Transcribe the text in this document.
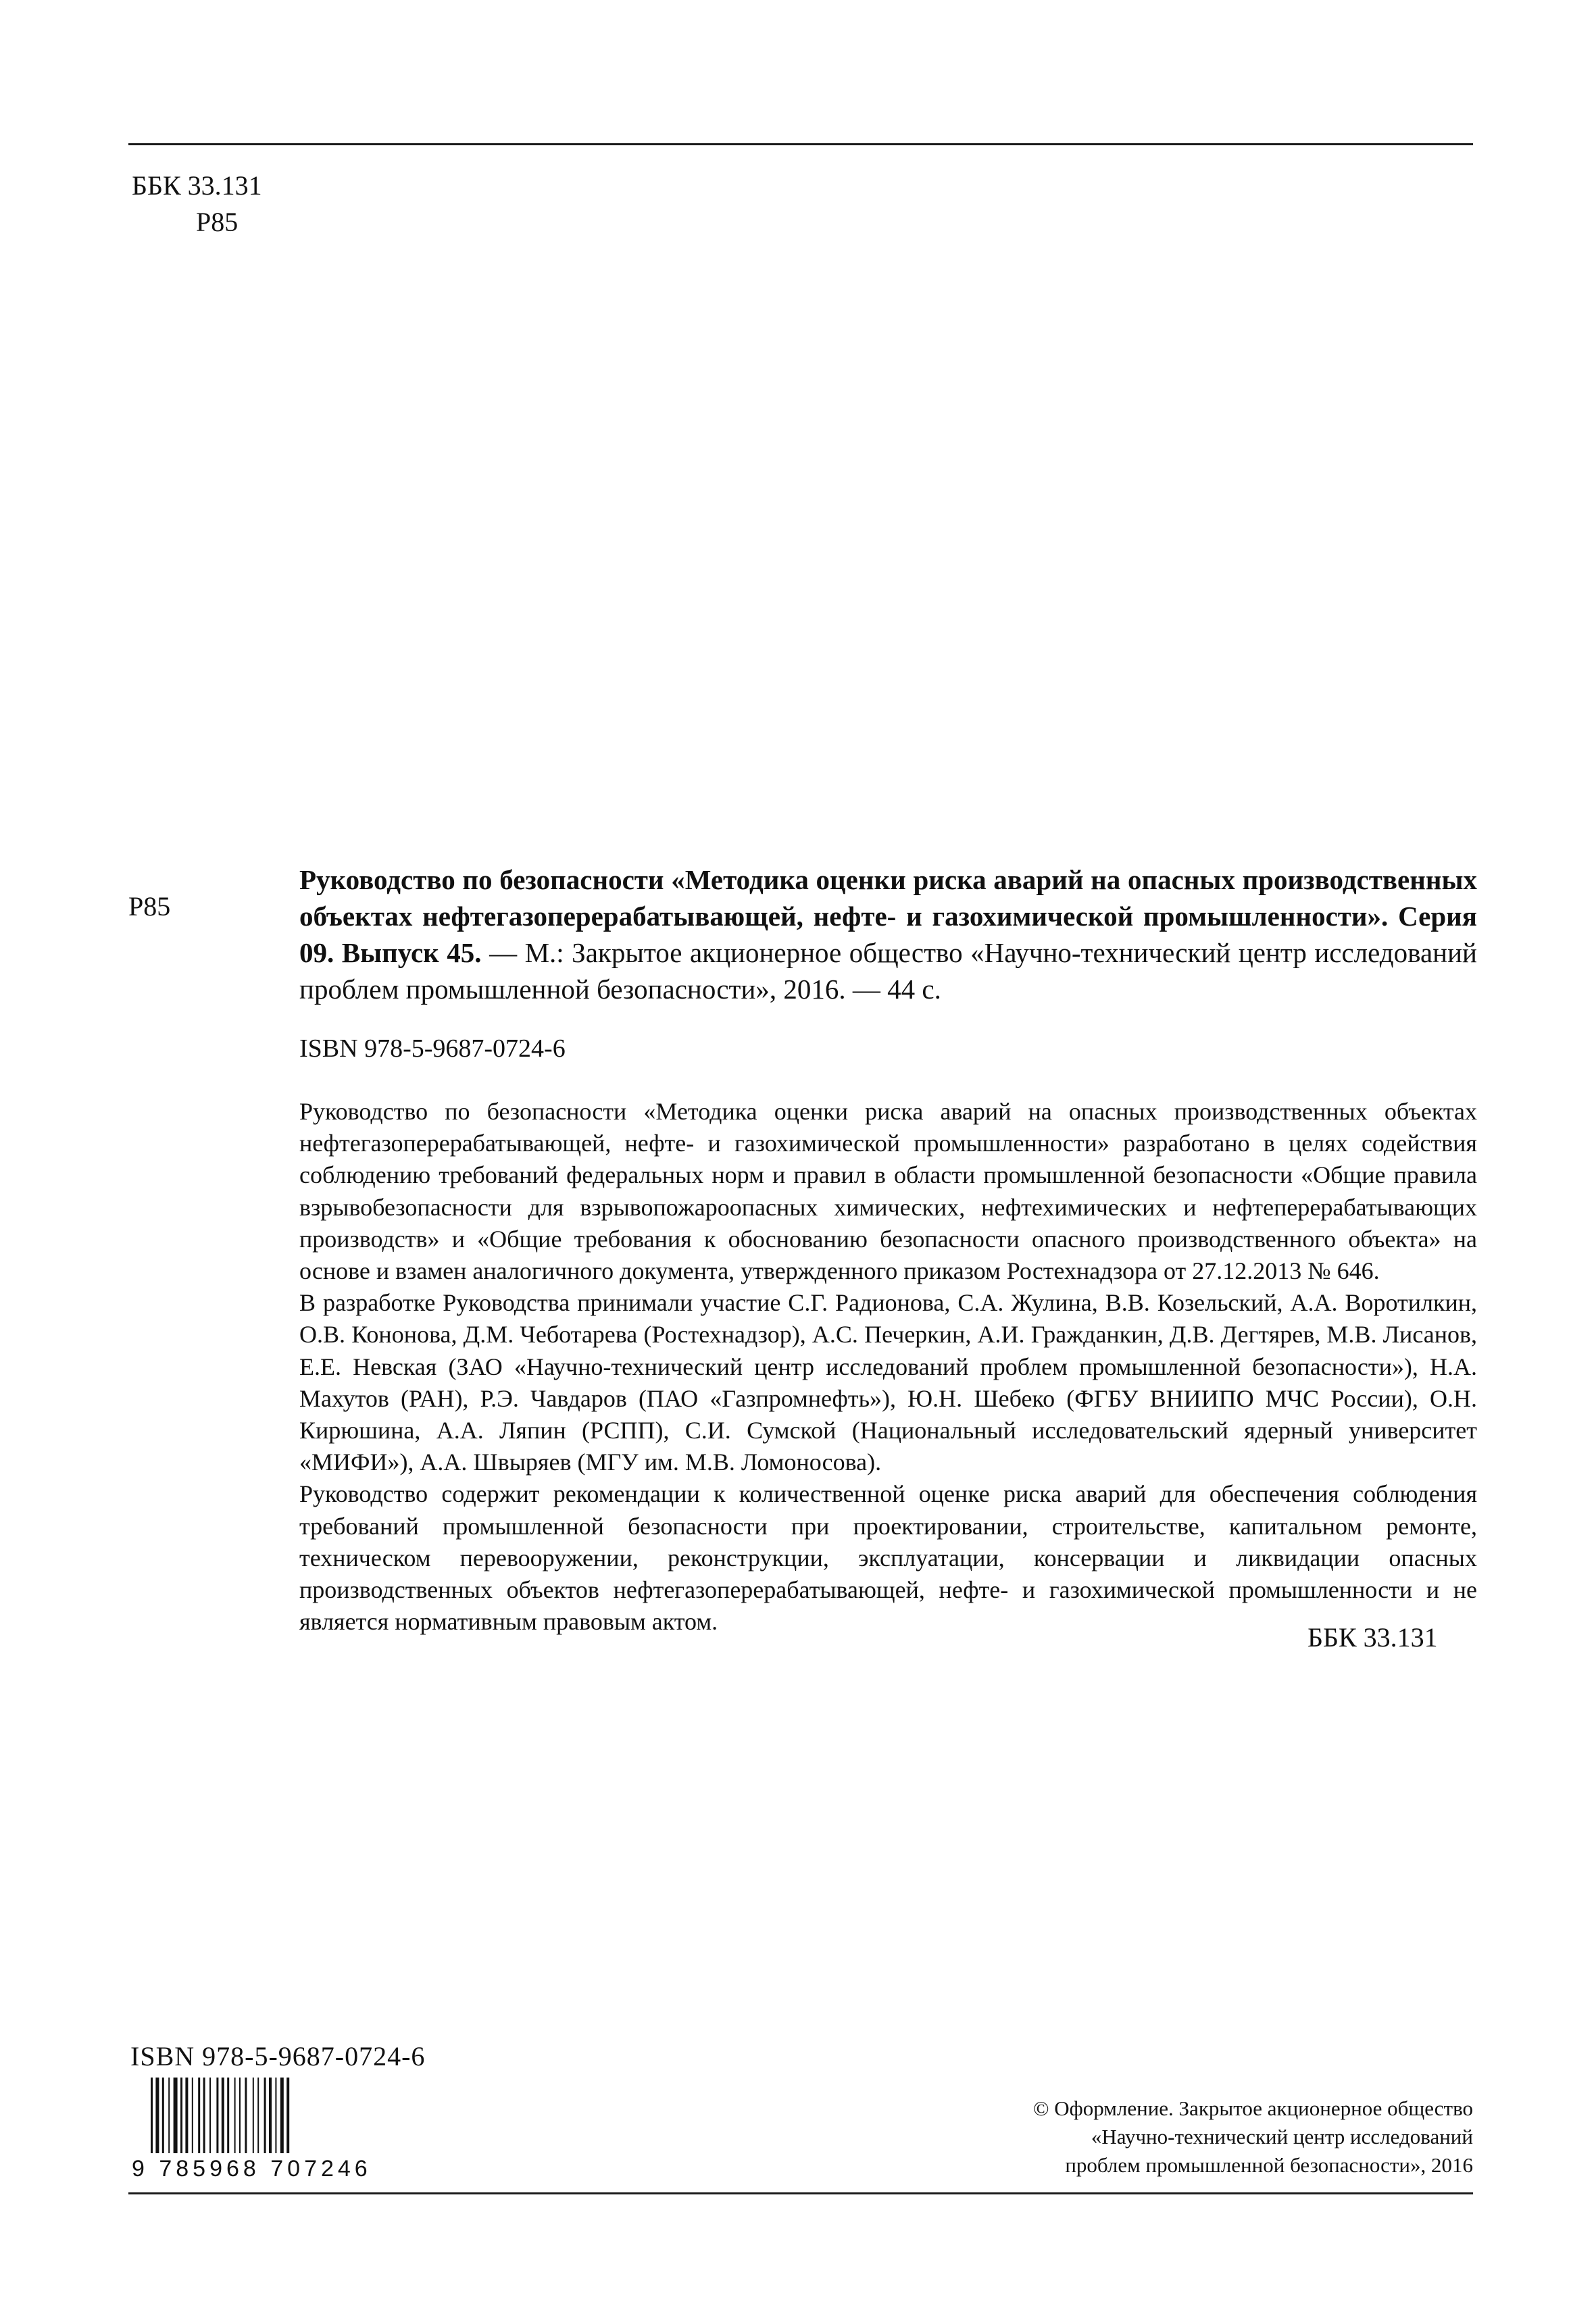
ББК 33.131
Р85
Р85
Руководство по безопасности «Методика оценки риска аварий на опасных производственных объектах нефтегазоперерабатывающей, нефте- и газохимической промышленности». Серия 09. Выпуск 45. — М.: Закрытое акционерное общество «Научно-технический центр исследований проблем промышленной безопасности», 2016. — 44 с.
ISBN 978-5-9687-0724-6

Руководство по безопасности «Методика оценки риска аварий на опасных производственных объектах нефтегазоперерабатывающей, нефте- и газохимической промышленности» разработано в целях содействия соблюдению требований федеральных норм и правил в области промышленной безопасности «Общие правила взрывобезопасности для взрывопожароопасных химических, нефтехимических и нефтеперерабатывающих производств» и «Общие требования к обоснованию безопасности опасного производственного объекта» на основе и взамен аналогичного документа, утвержденного приказом Ростехнадзора от 27.12.2013 № 646.

В разработке Руководства принимали участие С.Г. Радионова, С.А. Жулина, В.В. Козельский, А.А. Воротилкин, О.В. Кононова, Д.М. Чеботарева (Ростехнадзор), А.С. Печеркин, А.И. Гражданкин, Д.В. Дегтярев, М.В. Лисанов, Е.Е. Невская (ЗАО «Научно-технический центр исследований проблем промышленной безопасности»), Н.А. Махутов (РАН), Р.Э. Чавдаров (ПАО «Газпромнефть»), Ю.Н. Шебеко (ФГБУ ВНИИПО МЧС России), О.Н. Кирюшина, А.А. Ляпин (РСПП), С.И. Сумской (Национальный исследовательский ядерный университет «МИФИ»), А.А. Швыряев (МГУ им. М.В. Ломоносова).

Руководство содержит рекомендации к количественной оценке риска аварий для обеспечения соблюдения требований промышленной безопасности при проектировании, строительстве, капитальном ремонте, техническом перевооружении, реконструкции, эксплуатации, консервации и ликвидации опасных производственных объектов нефтегазоперерабатывающей, нефте- и газохимической промышленности и не является нормативным правовым актом.

ББК 33.131
ISBN 978-5-9687-0724-6
9 785968 707246
© Оформление. Закрытое акционерное общество
«Научно-технический центр исследований
проблем промышленной безопасности», 2016
